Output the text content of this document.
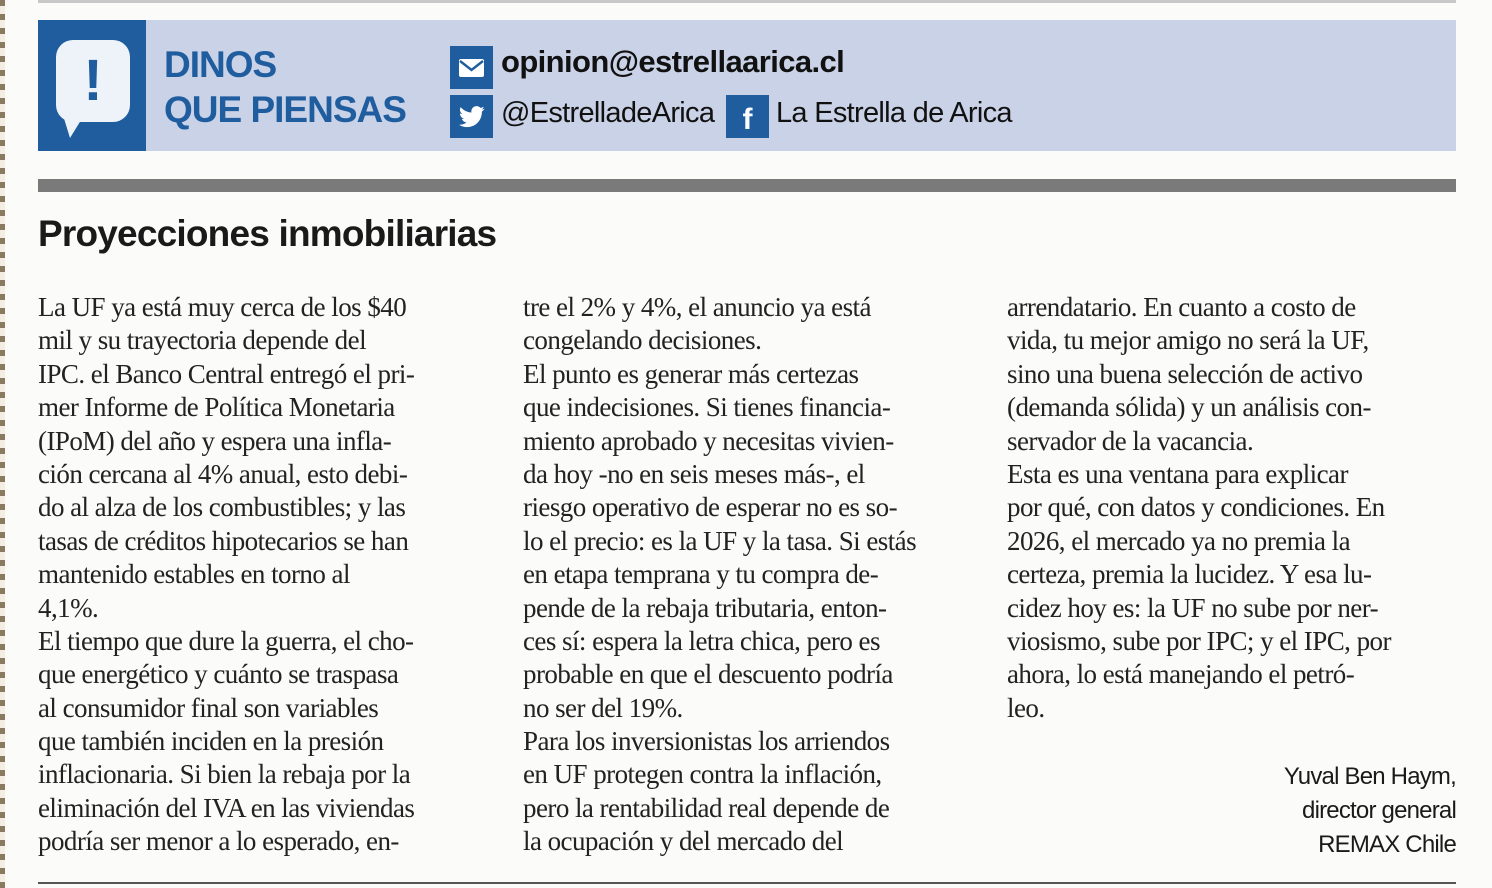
!	DINOS
QUE PIENSAS
opinion@estrellaarica.cl
@EstrelladeArica f La Estrella de Arica
Proyecciones inmobiliarias
La UF ya está muy cerca de los $40
mil y su trayectoria depende del
IPC. el Banco Central entregó el pri-
mer Informe de Política Monetaria
(IPoM) del año y espera una infla-
ción cercana al 4% anual, esto debi-
do al alza de los combustibles; y las
tasas de créditos hipotecarios se han
mantenido estables en torno al
4,1%.
El tiempo que dure la guerra, el cho-
que energético y cuánto se traspasa
al consumidor final son variables
que también inciden en la presión
inflacionaria. Si bien la rebaja por la
eliminación del IVA en las viviendas
podría ser menor a lo esperado, en-
tre el 2% y 4%, el anuncio ya está
congelando decisiones.
El punto es generar más certezas
que indecisiones. Si tienes financia-
miento aprobado y necesitas vivien-
da hoy -no en seis meses más-, el
riesgo operativo de esperar no es so-
lo el precio: es la UF y la tasa. Si estás
en etapa temprana y tu compra de-
pende de la rebaja tributaria, enton-
ces sí: espera la letra chica, pero es
probable en que el descuento podría
no ser del 19%.
Para los inversionistas los arriendos
en UF protegen contra la inflación,
pero la rentabilidad real depende de
la ocupación y del mercado del
arrendatario. En cuanto a costo de
vida, tu mejor amigo no será la UF,
sino una buena selección de activo
(demanda sólida) y un análisis con-
servador de la vacancia.
Esta es una ventana para explicar
por qué, con datos y condiciones. En
2026, el mercado ya no premia la
certeza, premia la lucidez. Y esa lu-
cidez hoy es: la UF no sube por ner-
viosismo, sube por IPC; y el IPC, por
ahora, lo está manejando el petró-
leo.
Yuval Ben Haym,
director general
REMAX Chile
